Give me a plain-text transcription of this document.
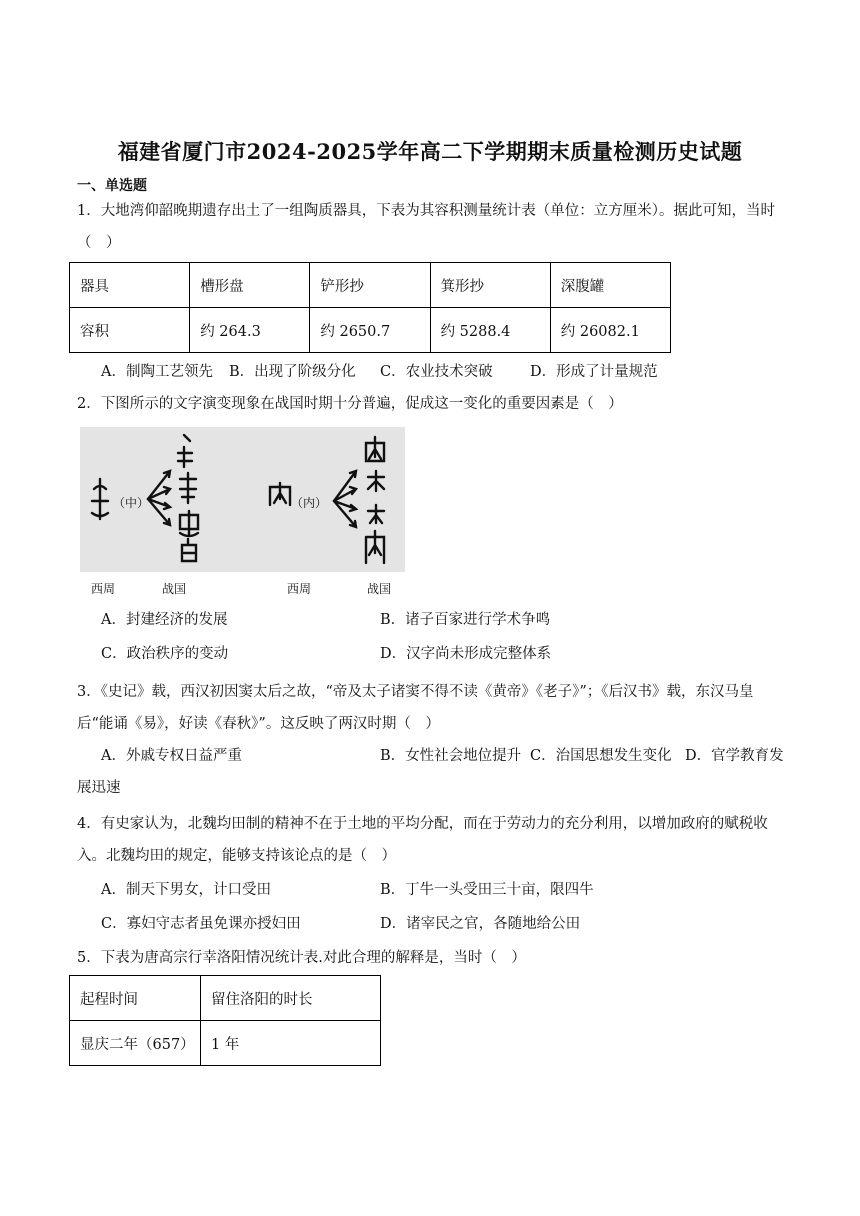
福建省厦门市2024-2025学年高二下学期期末质量检测历史试题
一、单选题
1．大地湾仰韶晚期遗存出土了一组陶质器具，下表为其容积测量统计表（单位：立方厘米）。据此可知，当时（　）
器具	槽形盘	铲形抄	箕形抄	深腹罐
容积	约 264.3	约 2650.7	约 5288.4	约 26082.1
A．制陶工艺领先 B．出现了阶级分化 C．农业技术突破	D．形成了计量规范
2．下图所示的文字演变现象在战国时期十分普遍，促成这一变化的重要因素是（　）
（中）	（内）
西周	战国	西周	战国
A．封建经济的发展	B．诸子百家进行学术争鸣
C．政治秩序的变动	D．汉字尚未形成完整体系
3．《史记》载，西汉初因窦太后之故，“帝及太子诸窦不得不读《黄帝》《老子》”；《后汉书》载，东汉马皇后“能诵《易》，好读《春秋》”。这反映了两汉时期（　）
A．外戚专权日益严重	B．女性社会地位提升 C．治国思想发生变化 D．官学教育发
展迅速
4．有史家认为，北魏均田制的精神不在于土地的平均分配，而在于劳动力的充分利用，以增加政府的赋税收入。北魏均田的规定，能够支持该论点的是（　）
A．制天下男女，计口受田	B．丁牛一头受田三十亩，限四牛
C．寡妇守志者虽免课亦授妇田	D．诸宰民之官，各随地给公田
5．下表为唐高宗行幸洛阳情况统计表.对此合理的解释是，当时（　）
起程时间	留住洛阳的时长
显庆二年（657）	1 年
